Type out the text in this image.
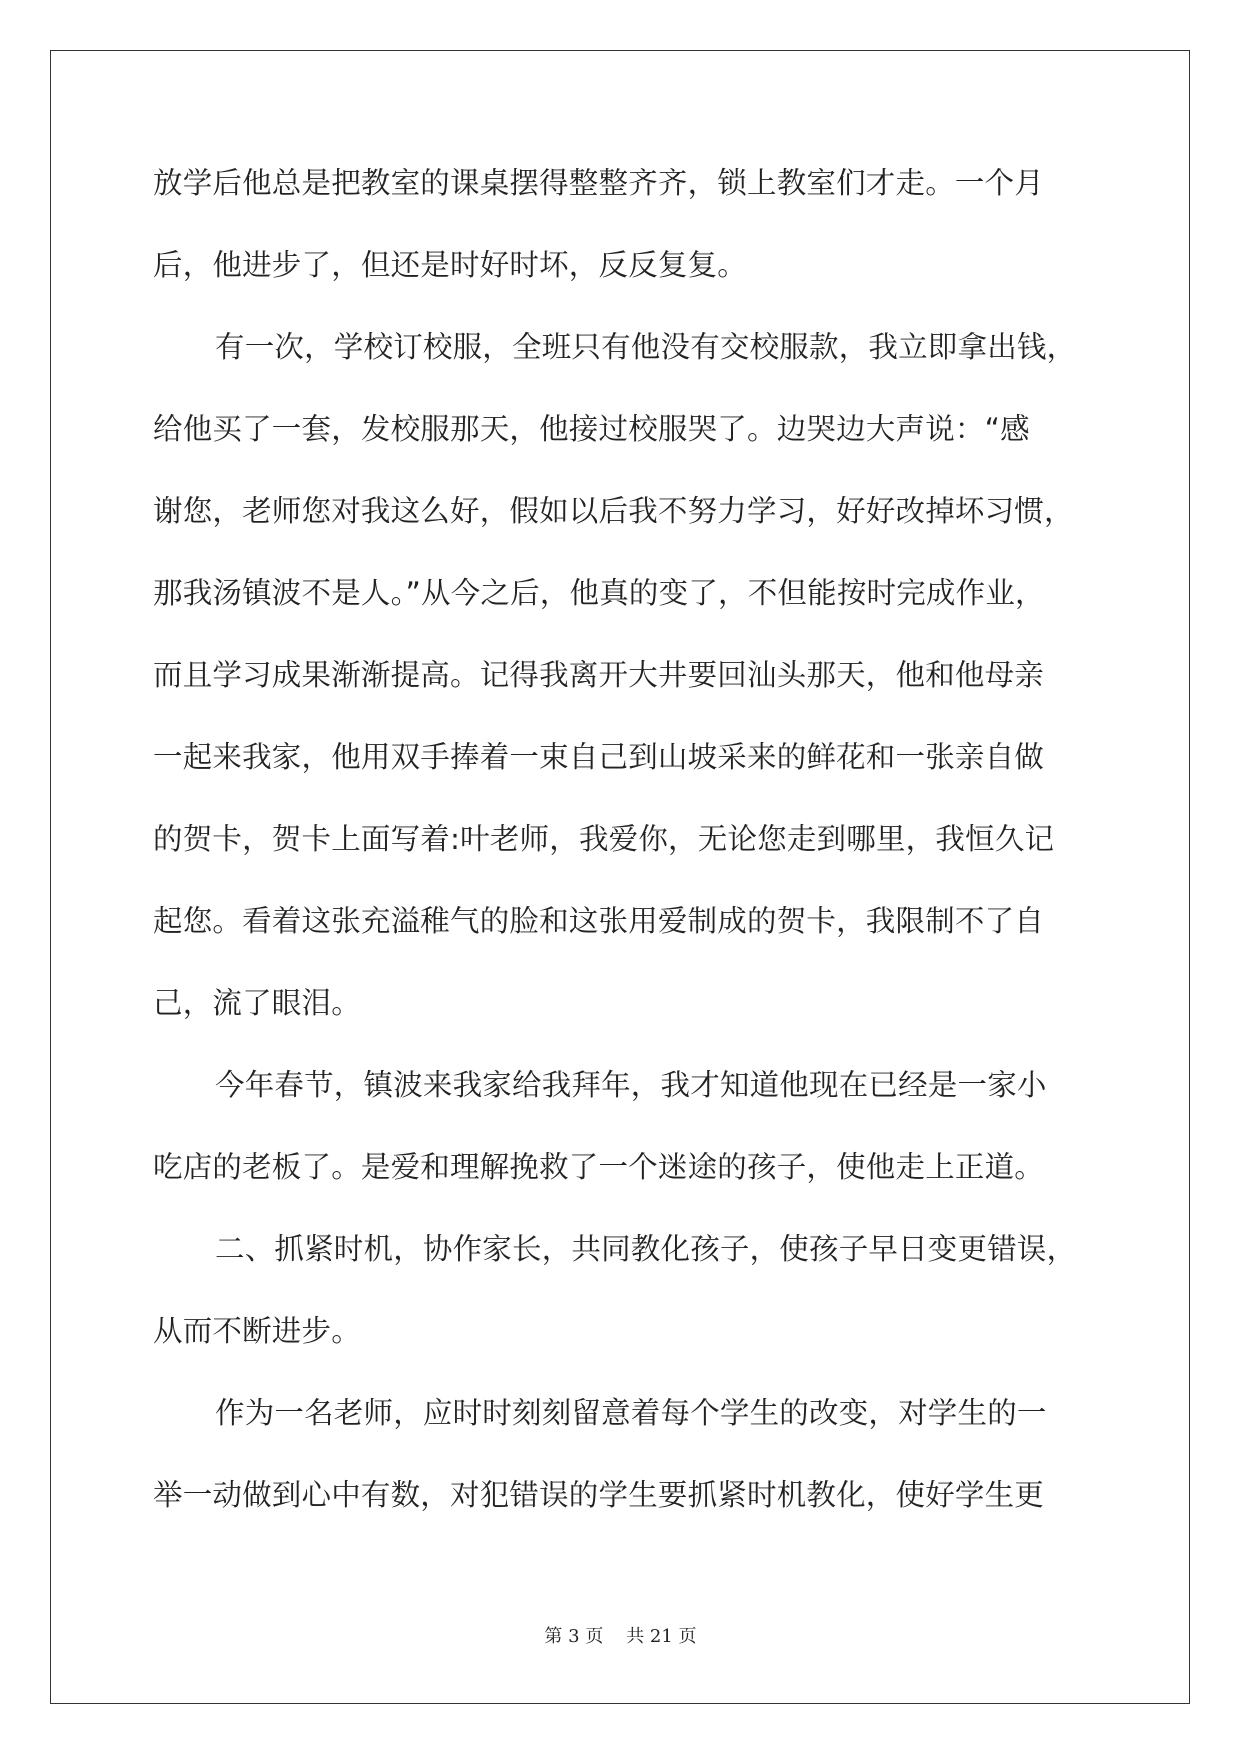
放学后他总是把教室的课桌摆得整整齐齐，锁上教室们才走。一个月
后，他进步了，但还是时好时坏，反反复复。
有一次，学校订校服，全班只有他没有交校服款，我立即拿出钱，
给他买了一套，发校服那天，他接过校服哭了。边哭边大声说：“感
谢您，老师您对我这么好，假如以后我不努力学习，好好改掉坏习惯，
那我汤镇波不是人。”从今之后，他真的变了，不但能按时完成作业，
而且学习成果渐渐提高。记得我离开大井要回汕头那天，他和他母亲
一起来我家，他用双手捧着一束自己到山坡采来的鲜花和一张亲自做
的贺卡，贺卡上面写着:叶老师，我爱你，无论您走到哪里，我恒久记
起您。看着这张充溢稚气的脸和这张用爱制成的贺卡，我限制不了自
己，流了眼泪。
今年春节，镇波来我家给我拜年，我才知道他现在已经是一家小
吃店的老板了。是爱和理解挽救了一个迷途的孩子，使他走上正道。
二、抓紧时机，协作家长，共同教化孩子，使孩子早日变更错误，
从而不断进步。
作为一名老师，应时时刻刻留意着每个学生的改变，对学生的一
举一动做到心中有数，对犯错误的学生要抓紧时机教化，使好学生更
第 3 页    共 21 页
